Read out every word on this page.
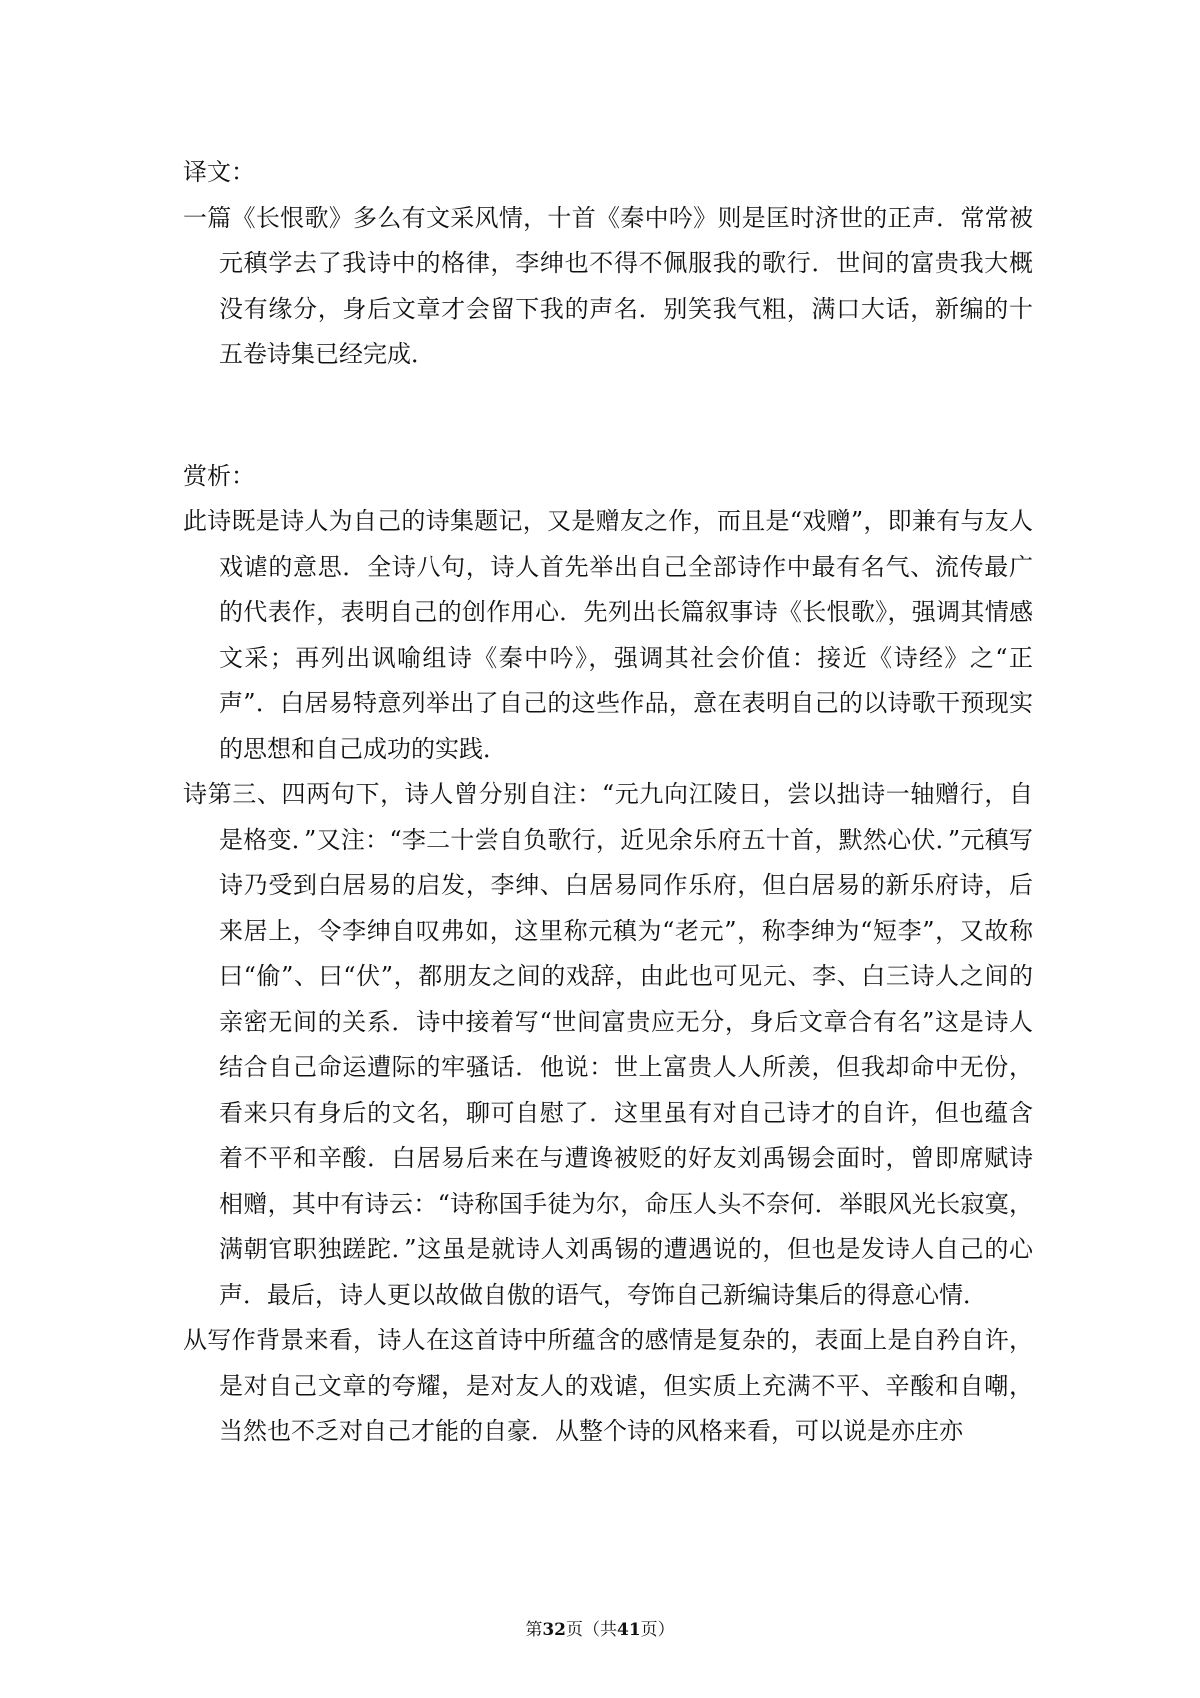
译文：

一篇《长恨歌》多么有文采风情，十首《秦中吟》则是匡时济世的正声．常常被元稹学去了我诗中的格律，李绅也不得不佩服我的歌行．世间的富贵我大概没有缘分，身后文章才会留下我的声名．别笑我气粗，满口大话，新编的十五卷诗集已经完成．

赏析：

此诗既是诗人为自己的诗集题记，又是赠友之作，而且是“戏赠”，即兼有与友人戏谑的意思．全诗八句，诗人首先举出自己全部诗作中最有名气、流传最广的代表作，表明自己的创作用心．先列出长篇叙事诗《长恨歌》，强调其情感文采；再列出讽喻组诗《秦中吟》，强调其社会价值：接近《诗经》之“正声”．白居易特意列举出了自己的这些作品，意在表明自己的以诗歌干预现实的思想和自己成功的实践．

诗第三、四两句下，诗人曾分别自注：“元九向江陵日，尝以拙诗一轴赠行，自是格变．”又注：“李二十尝自负歌行，近见余乐府五十首，默然心伏．”元稹写诗乃受到白居易的启发，李绅、白居易同作乐府，但白居易的新乐府诗，后来居上，令李绅自叹弗如，这里称元稹为“老元”，称李绅为“短李”，又故称曰“偷”、曰“伏”，都朋友之间的戏辞，由此也可见元、李、白三诗人之间的亲密无间的关系．诗中接着写“世间富贵应无分，身后文章合有名”这是诗人结合自己命运遭际的牢骚话．他说：世上富贵人人所羡，但我却命中无份，看来只有身后的文名，聊可自慰了．这里虽有对自己诗才的自许，但也蕴含着不平和辛酸．白居易后来在与遭谗被贬的好友刘禹锡会面时，曾即席赋诗相赠，其中有诗云：“诗称国手徒为尔，命压人头不奈何．举眼风光长寂寞，满朝官职独蹉跎．”这虽是就诗人刘禹锡的遭遇说的，但也是发诗人自己的心声．最后，诗人更以故做自傲的语气，夸饰自己新编诗集后的得意心情．

从写作背景来看，诗人在这首诗中所蕴含的感情是复杂的，表面上是自矜自许，是对自己文章的夸耀，是对友人的戏谑，但实质上充满不平、辛酸和自嘲，当然也不乏对自己才能的自豪．从整个诗的风格来看，可以说是亦庄亦

第32页（共41页）
